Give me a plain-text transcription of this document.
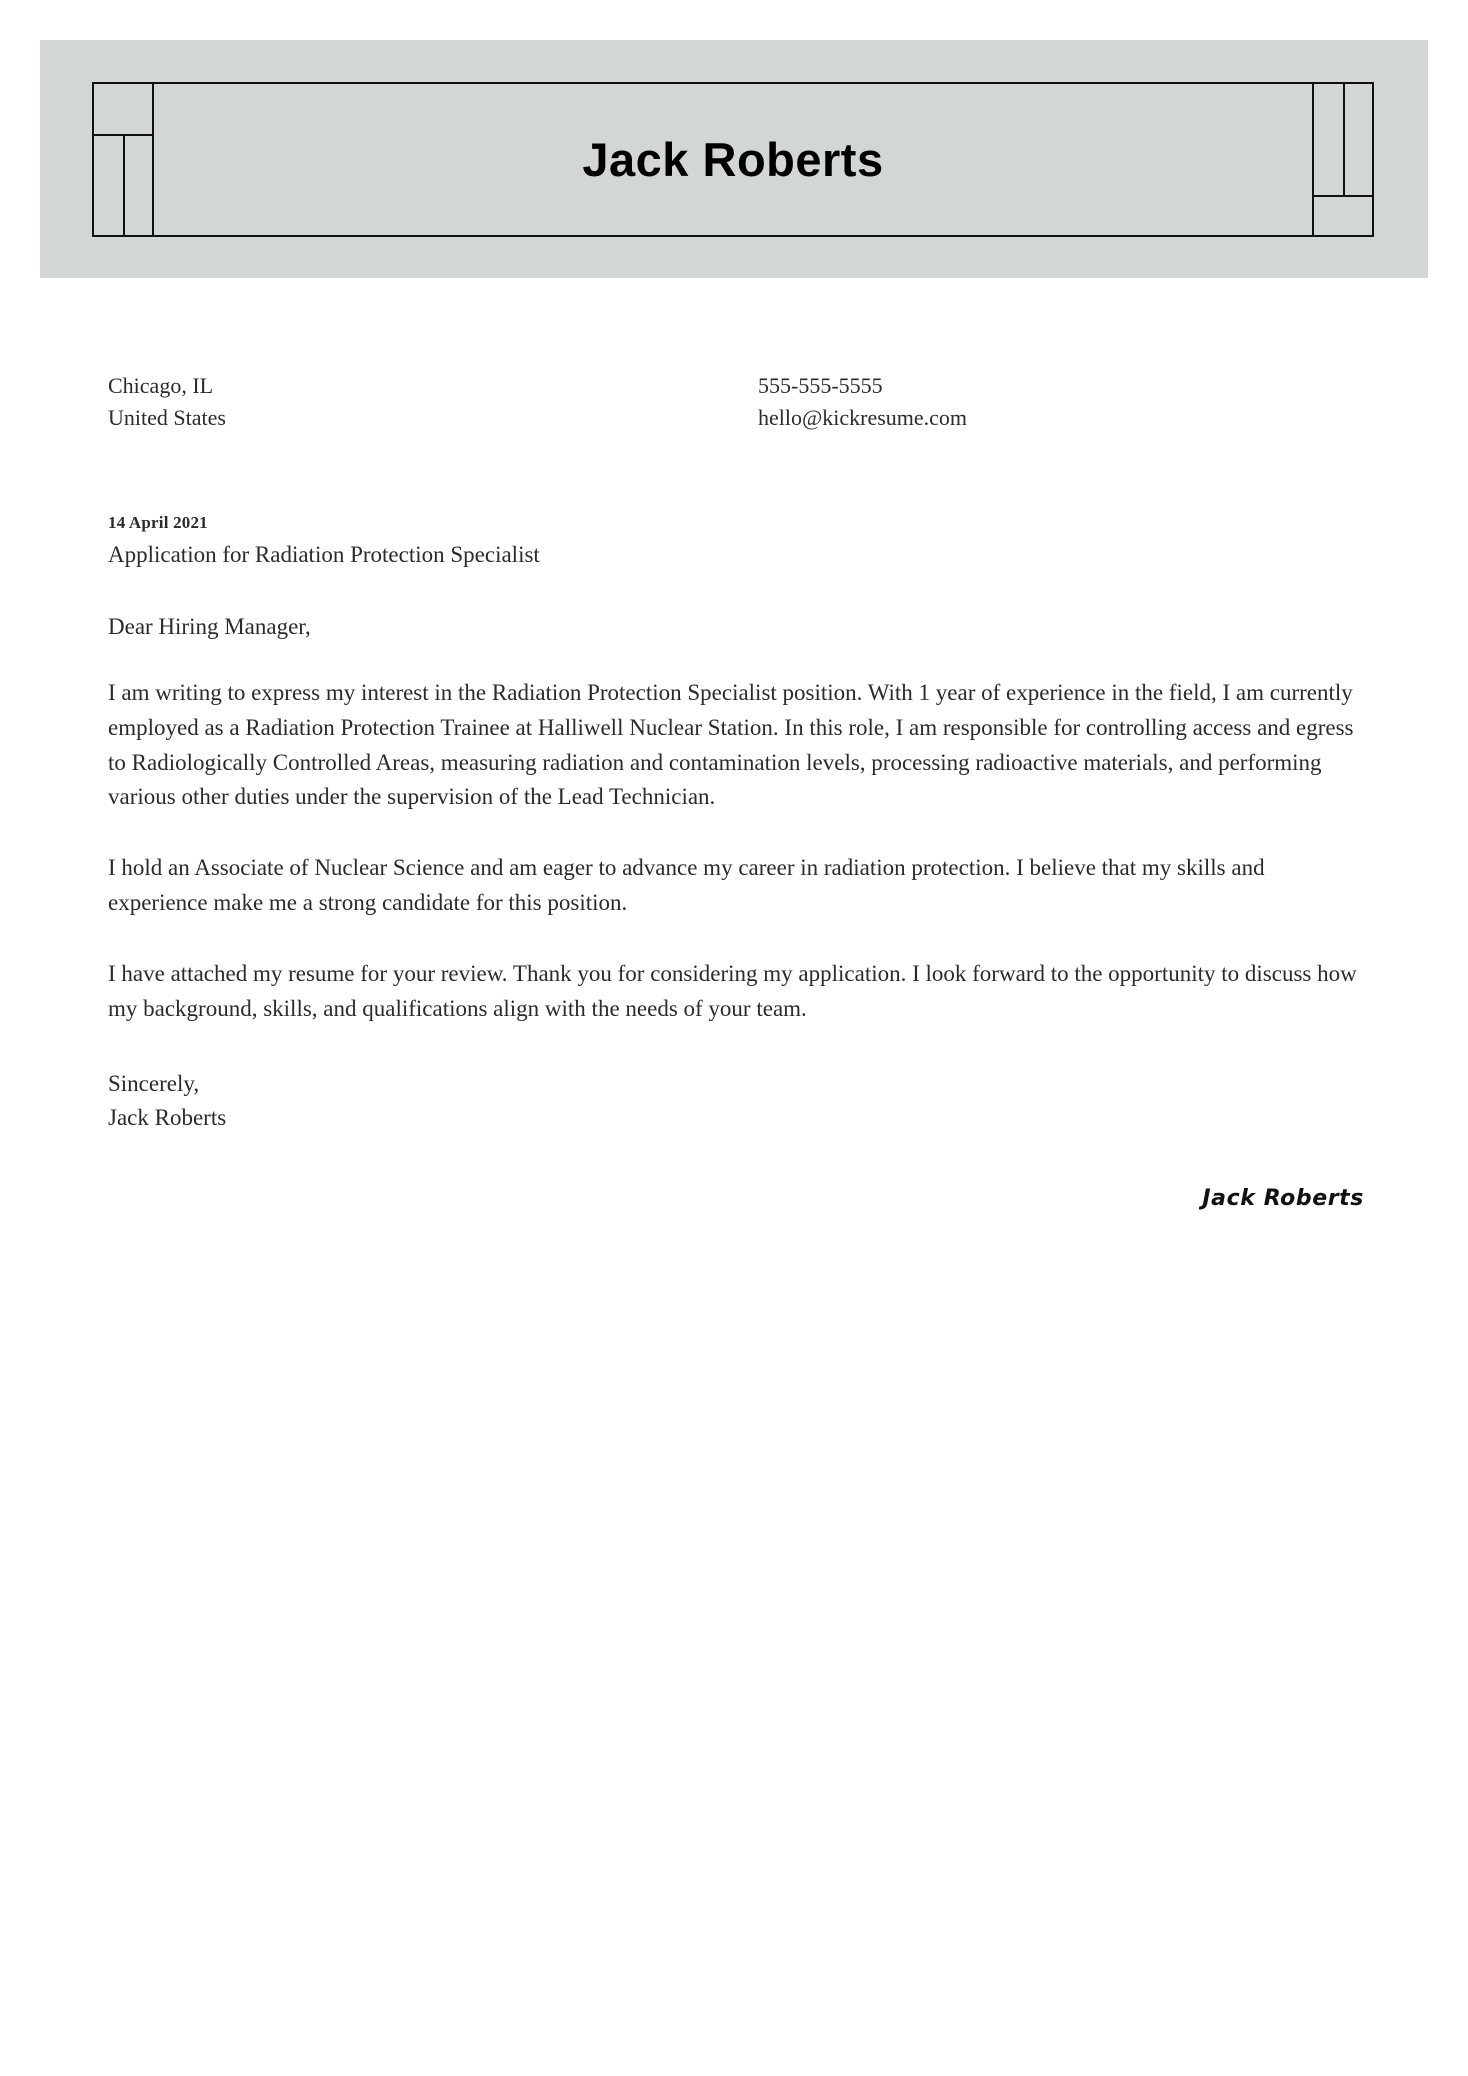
Jack Roberts
Chicago, IL
United States
555-555-5555
hello@kickresume.com
14 April 2021
Application for Radiation Protection Specialist
Dear Hiring Manager,
I am writing to express my interest in the Radiation Protection Specialist position. With 1 year of experience in the field, I am currently employed as a Radiation Protection Trainee at Halliwell Nuclear Station. In this role, I am responsible for controlling access and egress to Radiologically Controlled Areas, measuring radiation and contamination levels, processing radioactive materials, and performing various other duties under the supervision of the Lead Technician.
I hold an Associate of Nuclear Science and am eager to advance my career in radiation protection. I believe that my skills and experience make me a strong candidate for this position.
I have attached my resume for your review. Thank you for considering my application. I look forward to the opportunity to discuss how my background, skills, and qualifications align with the needs of your team.
Sincerely,
Jack Roberts
Jack Roberts
